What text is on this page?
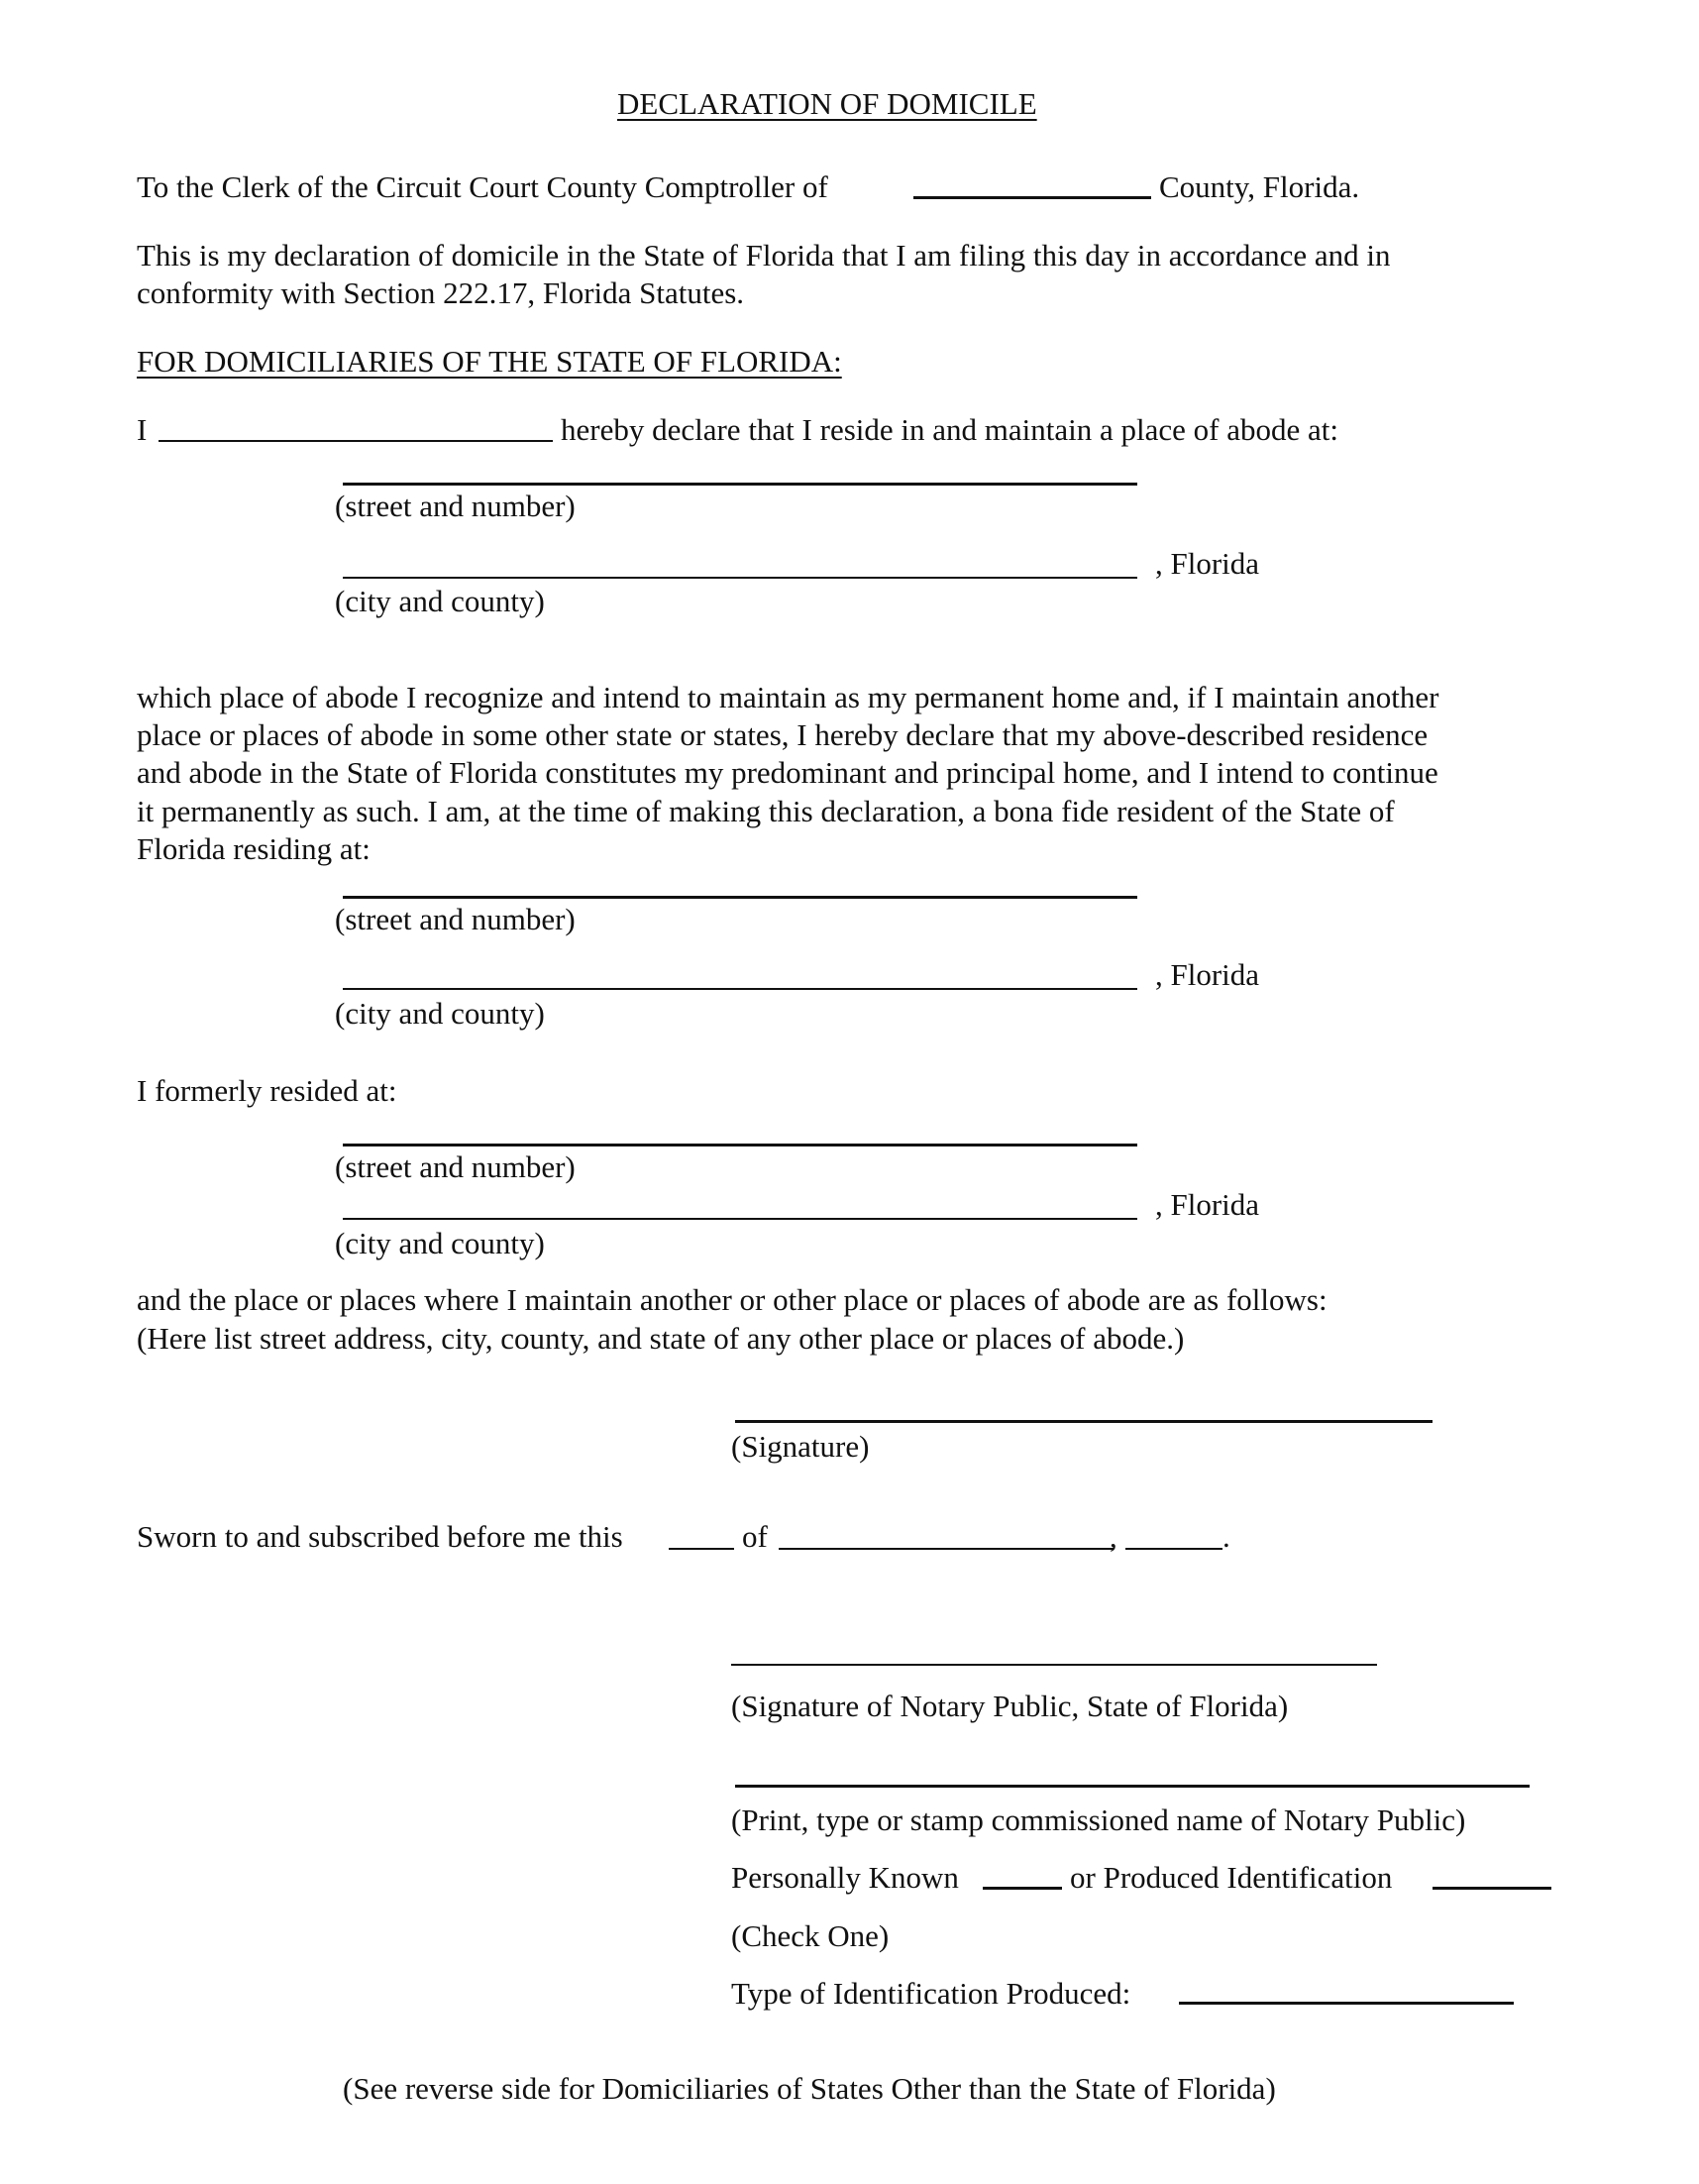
DECLARATION OF DOMICILE
To the Clerk of the Circuit Court County Comptroller of	County, Florida.
This is my declaration of domicile in the State of Florida that I am filing this day in accordance and in
conformity with Section 222.17, Florida Statutes.
FOR DOMICILIARIES OF THE STATE OF FLORIDA:
I	hereby declare that I reside in and maintain a place of abode at:
(street and number)
, Florida
(city and county)
which place of abode I recognize and intend to maintain as my permanent home and, if I maintain another
place or places of abode in some other state or states, I hereby declare that my above-described residence
and abode in the State of Florida constitutes my predominant and principal home, and I intend to continue
it permanently as such. I am, at the time of making this declaration, a bona fide resident of the State of
Florida residing at:
(street and number)
, Florida
(city and county)
I formerly resided at:
(street and number)
, Florida
(city and county)
and the place or places where I maintain another or other place or places of abode are as follows:
(Here list street address, city, county, and state of any other place or places of abode.)
(Signature)
Sworn to and subscribed before me this	of	,	.
(Signature of Notary Public, State of Florida)
(Print, type or stamp commissioned name of Notary Public)
Personally Known	or Produced Identification
(Check One)
Type of Identification Produced:
(See reverse side for Domiciliaries of States Other than the State of Florida)
